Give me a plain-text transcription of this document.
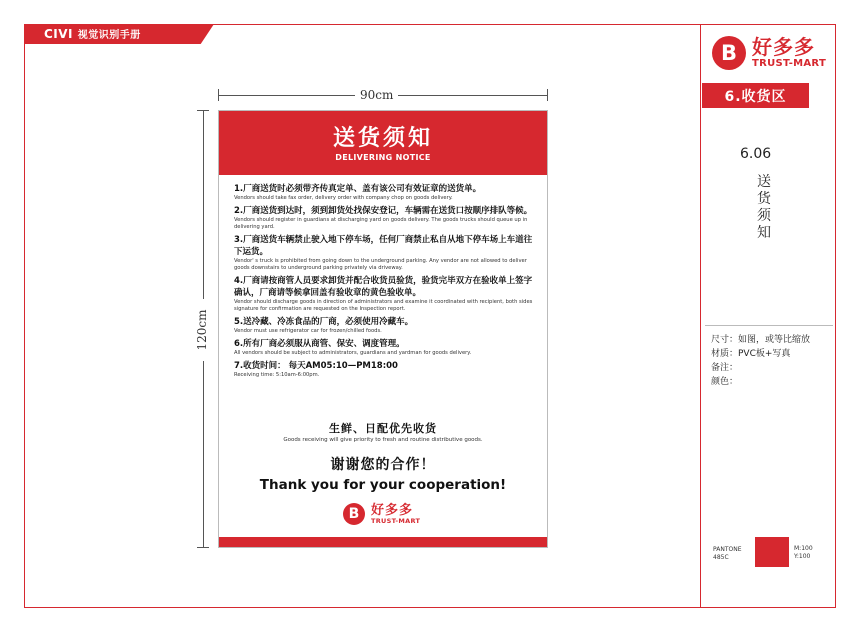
CIVI 视觉识别手册
B 好多多
TRUST-MART
6.收货区
6.06
送货须知
尺寸：如图，或等比缩放
材质：PVC板+写真
备注：
颜色：
PANTONE 485C
M:100
Y:100
90cm
120cm
送货须知
DELIVERING NOTICE
1.厂商送货时必须带齐传真定单、盖有该公司有效证章的送货单。
Vendors should take fax order, delivery order with company chop on goods delivery.
2.厂商送货到达时，须到卸货处找保安登记，车辆需在送货口按顺序排队等候。
Vendors should register in guardians at discharging yard on goods delivery. The goods trucks should queue up in delivering yard.
3.厂商送货车辆禁止驶入地下停车场，任何厂商禁止私自从地下停车场上车道往下运货。
Vendor' s truck is prohibited from going down to the underground parking. Any vendor are not allowed to deliver goods downstairs to underground parking privately via driveway.
4.厂商请按商管人员要求卸货并配合收货员验货，验货完毕双方在验收单上签字确认，厂商请等候拿回盖有验收章的黄色验收单。
Vendor should discharge goods in direction of administrators and examine it coordinated with recipient, both sides signature for confirmation are requested on the Inspection report.
5.送冷藏、冷冻食品的厂商，必须使用冷藏车。
Vendor must use refrigerator car for frozen/chilled foods.
6.所有厂商必须服从商管、保安、调度管理。
All vendors should be subject to administrators, guardians and yardman for goods delivery.
7.收货时间： 每天AM05:10—PM18:00
Receiving time: 5:10am-6:00pm.
生鲜、日配优先收货
Goods receiving will give priority to fresh and routine distributive goods.
谢谢您的合作！
Thank you for your cooperation!
B 好多多
TRUST-MART
